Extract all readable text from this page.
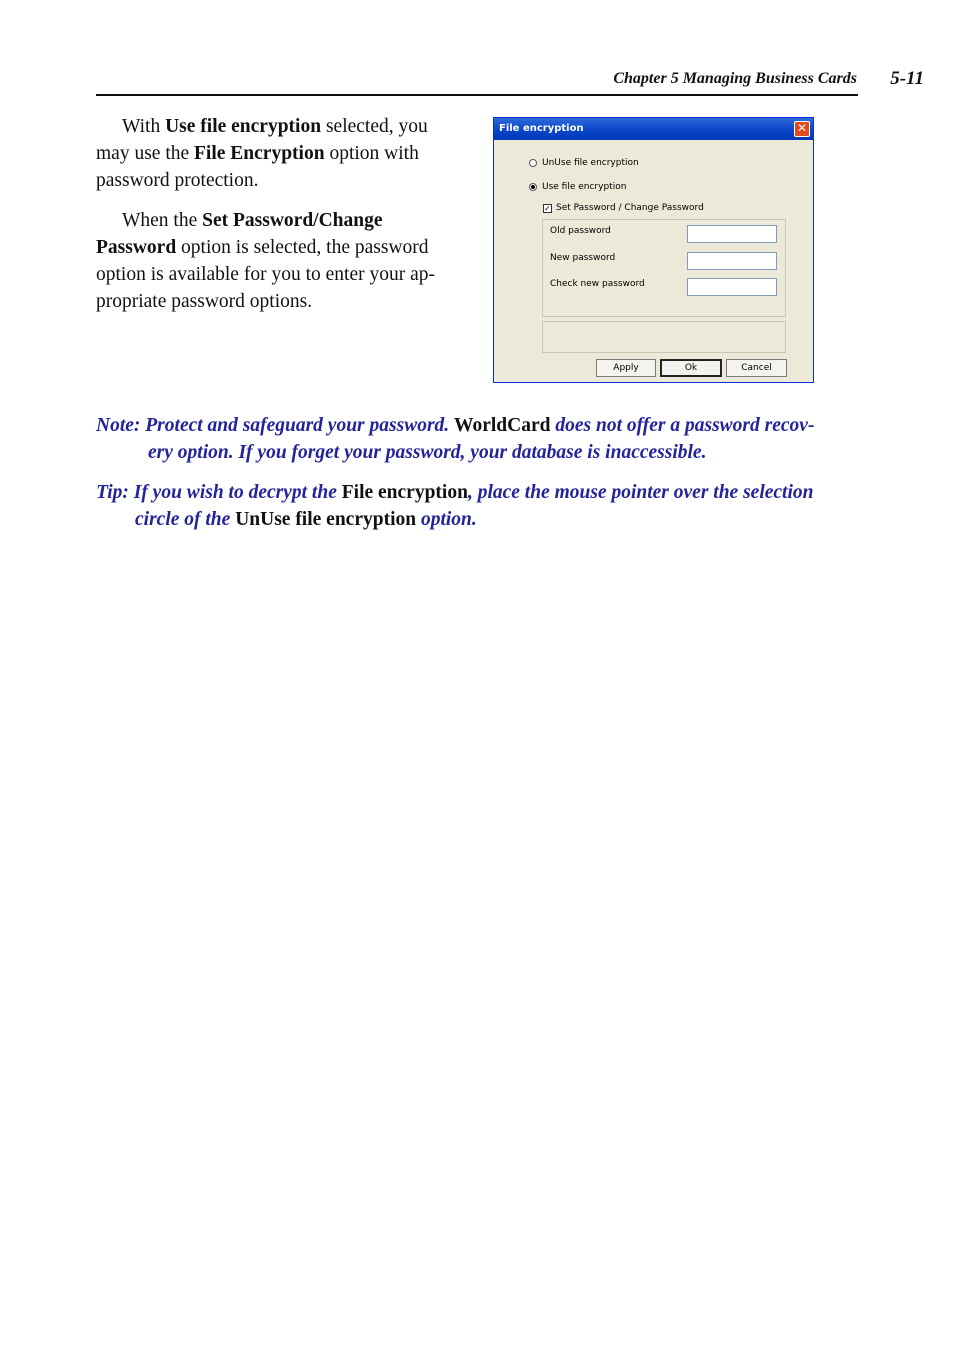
Chapter 5 Managing Business Cards	5-11

With Use file encryption selected, you may use the File Encryption option with password protection.

When the Set Password/Change Password option is selected, the password option is available for you to enter your ap-propriate password options.

File encryption	✕
UnUse file encryption
Use file encryption
✓ Set Password / Change Password
Old password
New password
Check new password
Apply	Ok	Cancel

Note: Protect and safeguard your password. WorldCard does not offer a password recov-
ery option. If you forget your password, your database is inaccessible.

Tip: If you wish to decrypt the File encryption, place the mouse pointer over the selection
circle of the UnUse file encryption option.
